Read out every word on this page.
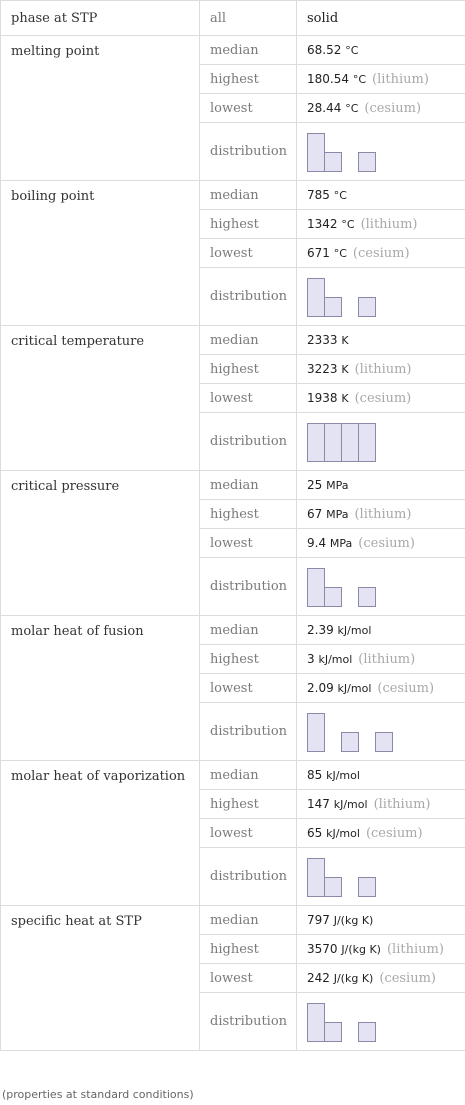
phase at STP	all	solid
melting point	median	68.52 °C
	highest	180.54 °C (lithium)
	lowest	28.44 °C (cesium)
	distribution	

boiling point	median	785 °C
	highest	1342 °C (lithium)
	lowest	671 °C (cesium)
	distribution	

critical temperature	median	2333 K
	highest	3223 K (lithium)
	lowest	1938 K (cesium)
	distribution	

critical pressure	median	25 MPa
	highest	67 MPa (lithium)
	lowest	9.4 MPa (cesium)
	distribution	

molar heat of fusion	median	2.39 kJ/mol
	highest	3 kJ/mol (lithium)
	lowest	2.09 kJ/mol (cesium)
	distribution	

molar heat of vaporization	median	85 kJ/mol
	highest	147 kJ/mol (lithium)
	lowest	65 kJ/mol (cesium)
	distribution	

specific heat at STP	median	797 J/(kg K)
	highest	3570 J/(kg K) (lithium)
	lowest	242 J/(kg K) (cesium)
	distribution	
(properties at standard conditions)
